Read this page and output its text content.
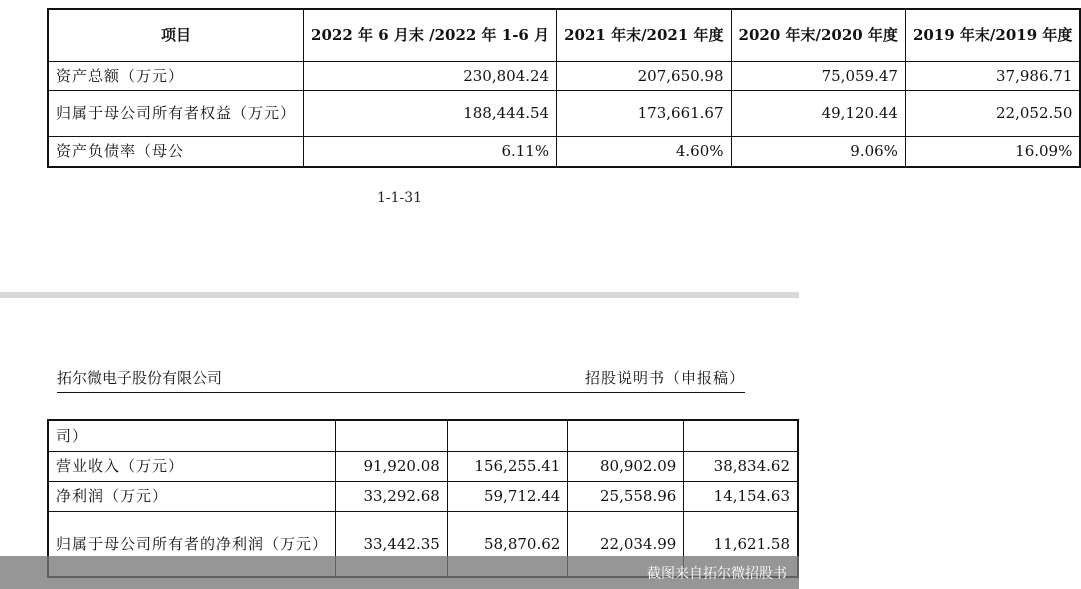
项目	2022 年 6 月末 /2022 年 1-6 月	2021 年末/2021 年度	2020 年末/2020 年度	2019 年末/2019 年度
资产总额（万元）	230,804.24	207,650.98	75,059.47	37,986.71
归属于母公司所有者权益（万元）	188,444.54	173,661.67	49,120.44	22,052.50
资产负债率（母公	6.11%	4.60%	9.06%	16.09%
1-1-31
拓尔微电子股份有限公司	招股说明书（申报稿）
司）				
营业收入（万元）	91,920.08	156,255.41	80,902.09	38,834.62
净利润（万元）	33,292.68	59,712.44	25,558.96	14,154.63
归属于母公司所有者的净利润（万元）	33,442.35	58,870.62	22,034.99	11,621.58
截图来自拓尔微招股书
